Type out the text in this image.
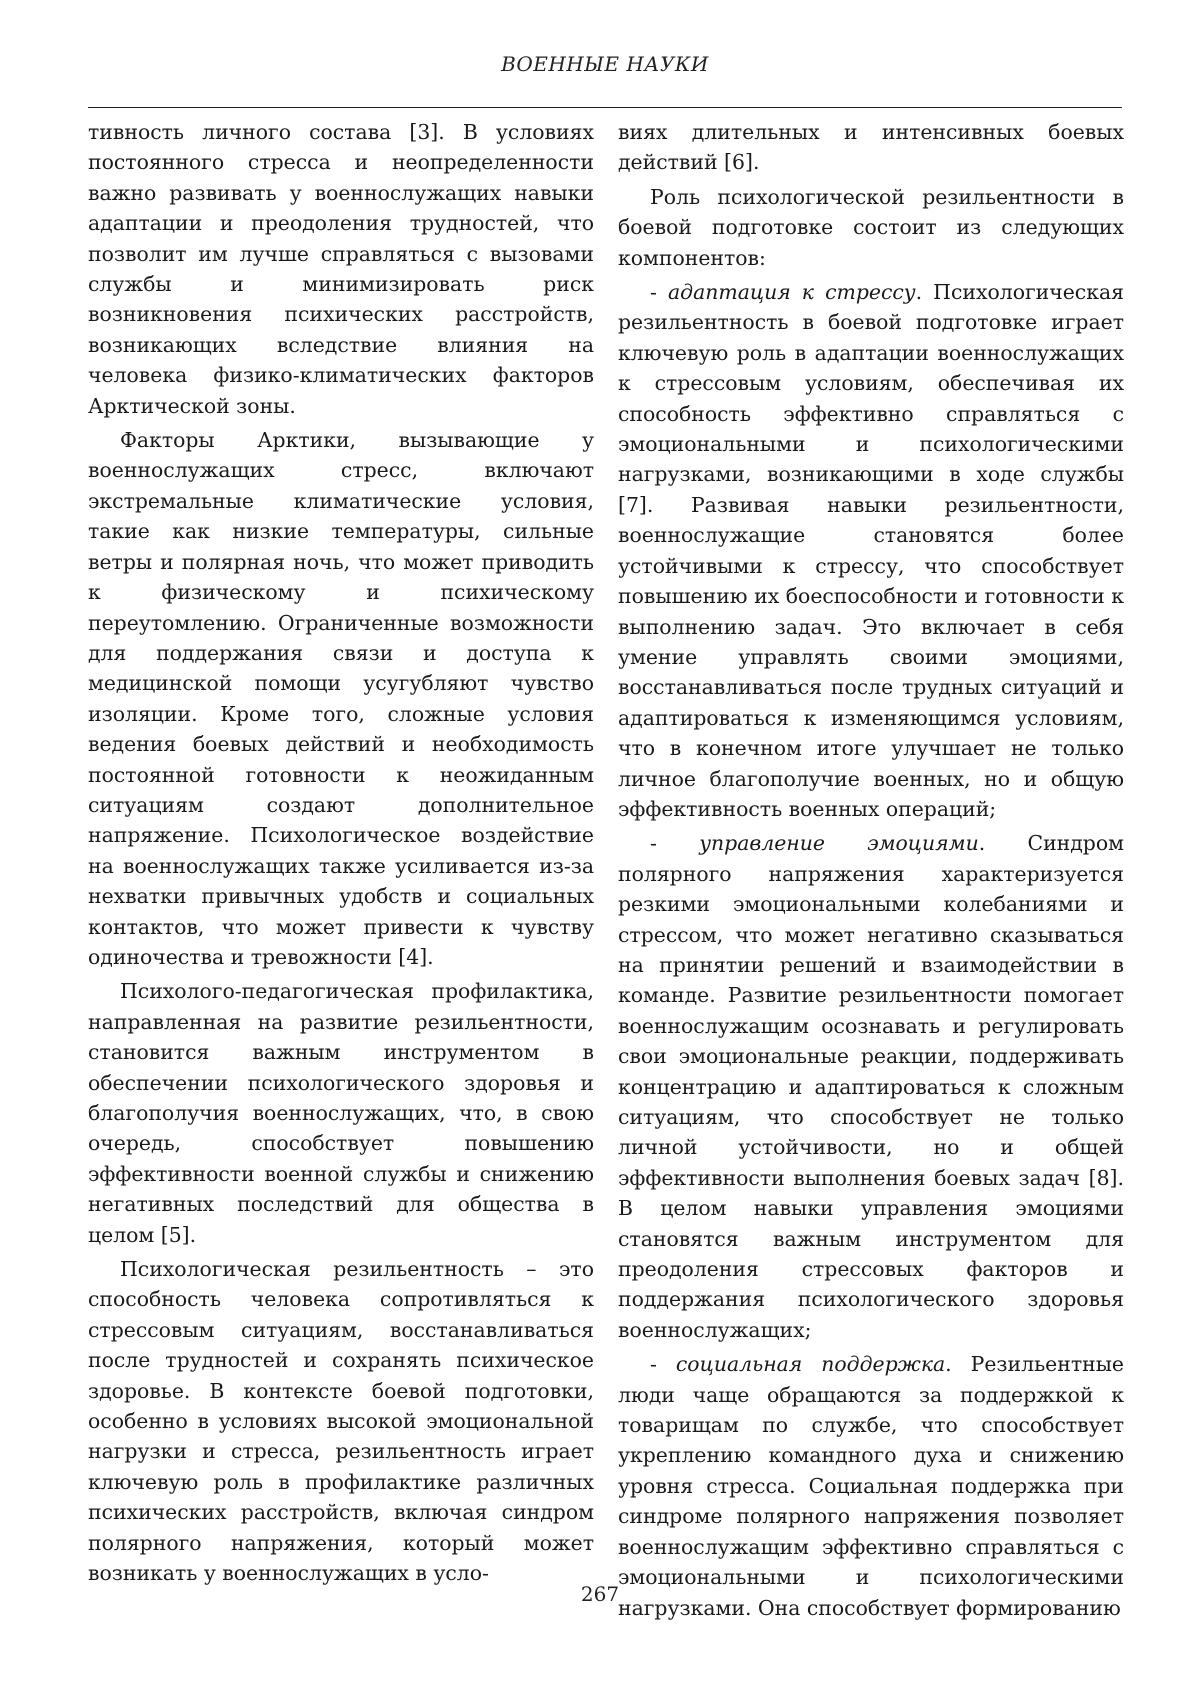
ВОЕННЫЕ НАУКИ

тивность личного состава [3]. В условиях постоянного стресса и неопределенности важно развивать у военнослужащих навыки адаптации и преодоления трудностей, что позволит им лучше справляться с вызовами службы и минимизировать риск возникновения психических расстройств, возникающих вследствие влияния на человека физико-климатических факторов Арктической зоны.

Факторы Арктики, вызывающие у военнослужащих стресс, включают экстремальные климатические условия, такие как низкие температуры, сильные ветры и полярная ночь, что может приводить к физическому и психическому переутомлению. Ограниченные возможности для поддержания связи и доступа к медицинской помощи усугубляют чувство изоляции. Кроме того, сложные условия ведения боевых действий и необходимость постоянной готовности к неожиданным ситуациям создают дополнительное напряжение. Психологическое воздействие на военнослужащих также усиливается из-за нехватки привычных удобств и социальных контактов, что может привести к чувству одиночества и тревожности [4].

Психолого-педагогическая профилактика, направленная на развитие резильентности, становится важным инструментом в обеспечении психологического здоровья и благополучия военнослужащих, что, в свою очередь, способствует повышению эффективности военной службы и снижению негативных последствий для общества в целом [5].

Психологическая резильентность – это способность человека сопротивляться к стрессовым ситуациям, восстанавливаться после трудностей и сохранять психическое здоровье. В контексте боевой подготовки, особенно в условиях высокой эмоциональной нагрузки и стресса, резильентность играет ключевую роль в профилактике различных психических расстройств, включая синдром полярного напряжения, который может возникать у военнослужащих в усло-

виях длительных и интенсивных боевых действий [6].

Роль психологической резильентности в боевой подготовке состоит из следующих компонентов:

- адаптация к стрессу. Психологическая резильентность в боевой подготовке играет ключевую роль в адаптации военнослужащих к стрессовым условиям, обеспечивая их способность эффективно справляться с эмоциональными и психологическими нагрузками, возникающими в ходе службы [7]. Развивая навыки резильентности, военнослужащие становятся более устойчивыми к стрессу, что способствует повышению их боеспособности и готовности к выполнению задач. Это включает в себя умение управлять своими эмоциями, восстанавливаться после трудных ситуаций и адаптироваться к изменяющимся условиям, что в конечном итоге улучшает не только личное благополучие военных, но и общую эффективность военных операций;

- управление эмоциями. Синдром полярного напряжения характеризуется резкими эмоциональными колебаниями и стрессом, что может негативно сказываться на принятии решений и взаимодействии в команде. Развитие резильентности помогает военнослужащим осознавать и регулировать свои эмоциональные реакции, поддерживать концентрацию и адаптироваться к сложным ситуациям, что способствует не только личной устойчивости, но и общей эффективности выполнения боевых задач [8]. В целом навыки управления эмоциями становятся важным инструментом для преодоления стрессовых факторов и поддержания психологического здоровья военнослужащих;

- социальная поддержка. Резильентные люди чаще обращаются за поддержкой к товарищам по службе, что способствует укреплению командного духа и снижению уровня стресса. Социальная поддержка при синдроме полярного напряжения позволяет военнослужащим эффективно справляться с эмоциональными и психологическими нагрузками. Она способствует формированию

267
